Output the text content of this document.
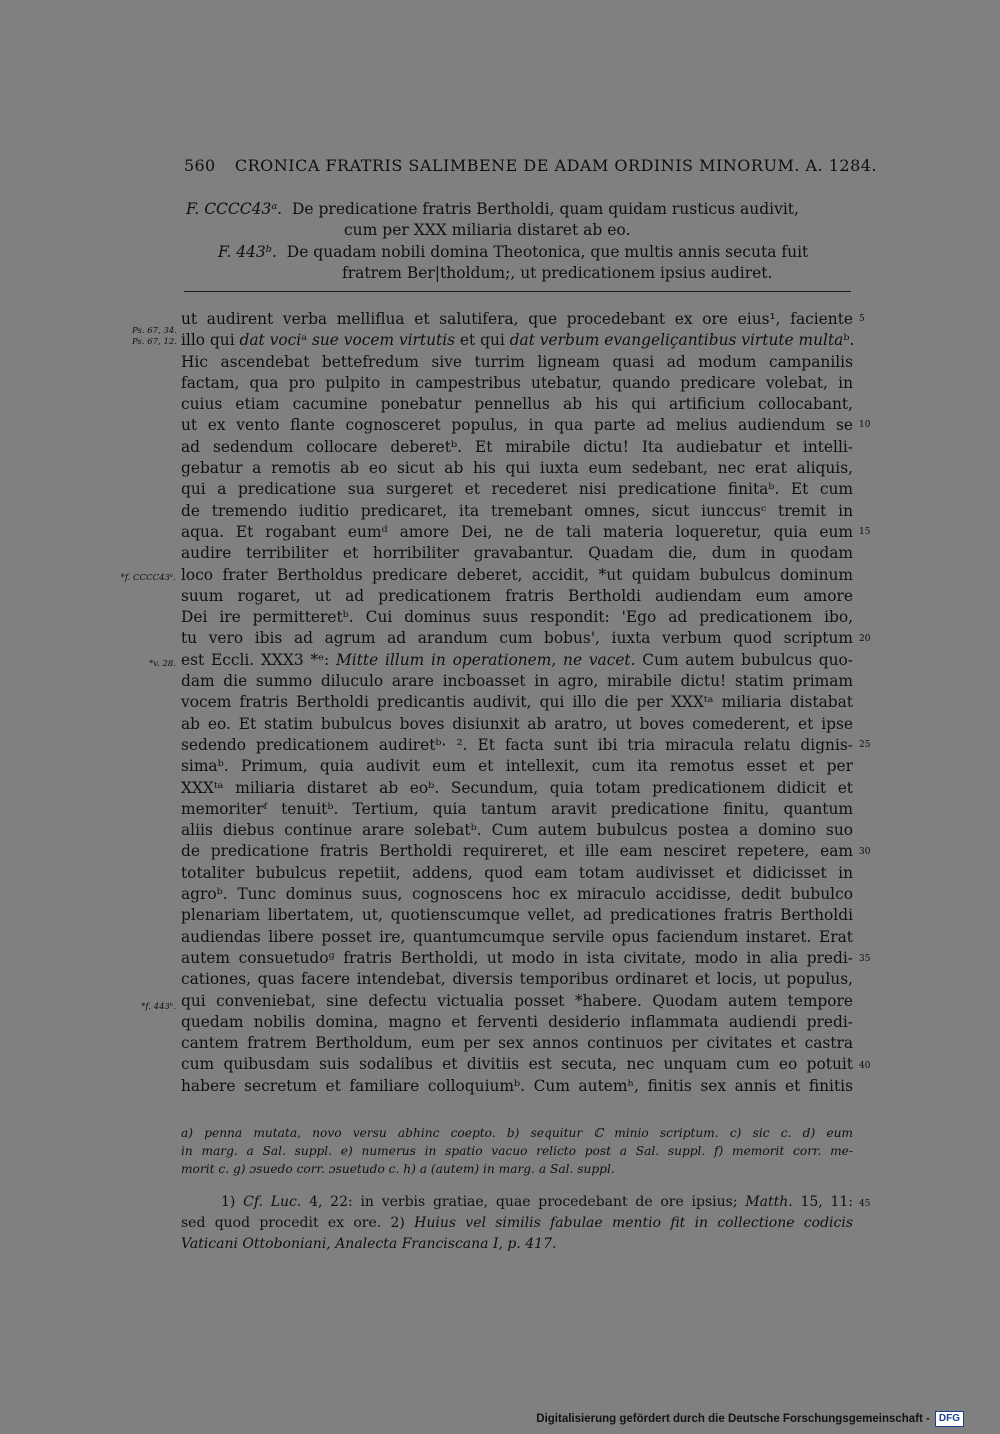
560 CRONICA FRATRIS SALIMBENE DE ADAM ORDINIS MINORUM. A. 1284.
F. CCCC43ᵃ. De predicatione fratris Bertholdi, quam quidam rusticus audivit,
cum per XXX miliaria distaret ab eo.
F. 443ᵇ. De quadam nobili domina Theotonica, que multis annis secuta fuit
fratrem Ber|tholdum;, ut predicationem ipsius audiret.
Ps. 67, 34.
Ps. 67, 12.
*f. CCCC43ᵇ.
*v. 28.
*f. 443ᵇ.
5
10
15
20
25
30
35
40
45
ut audirent verba melliflua et salutifera, que procedebant ex ore eius¹, faciente
illo qui dat vociᵃ sue vocem virtutis et qui dat verbum evangeliçantibus virtute multaᵇ.
Hic ascendebat bettefredum sive turrim ligneam quasi ad modum campanilis
factam, qua pro pulpito in campestribus utebatur, quando predicare volebat, in
cuius etiam cacumine ponebatur pennellus ab his qui artificium collocabant,
ut ex vento flante cognosceret populus, in qua parte ad melius audiendum se
ad sedendum collocare deberetᵇ. Et mirabile dictu! Ita audiebatur et intelli-
gebatur a remotis ab eo sicut ab his qui iuxta eum sedebant, nec erat aliquis,
qui a predicatione sua surgeret et recederet nisi predicatione finitaᵇ. Et cum
de tremendo iuditio predicaret, ita tremebant omnes, sicut iunccusᶜ tremit in
aqua. Et rogabant eumᵈ amore Dei, ne de tali materia loqueretur, quia eum
audire terribiliter et horribiliter gravabantur. Quadam die, dum in quodam
loco frater Bertholdus predicare deberet, accidit, *ut quidam bubulcus dominum
suum rogaret, ut ad predicationem fratris Bertholdi audiendam eum amore
Dei ire permitteretᵇ. Cui dominus suus respondit: 'Ego ad predicationem ibo,
tu vero ibis ad agrum ad arandum cum bobus', iuxta verbum quod scriptum
est Eccli. XXX3 *ᵉ: Mitte illum in operationem, ne vacet. Cum autem bubulcus quo-
dam die summo diluculo arare incboasset in agro, mirabile dictu! statim primam
vocem fratris Bertholdi predicantis audivit, qui illo die per XXXᵗᵃ miliaria distabat
ab eo. Et statim bubulcus boves disiunxit ab aratro, ut boves comederent, et ipse
sedendo predicationem audiretᵇ· ². Et facta sunt ibi tria miracula relatu dignis-
simaᵇ. Primum, quia audivit eum et intellexit, cum ita remotus esset et per
XXXᵗᵃ miliaria distaret ab eoᵇ. Secundum, quia totam predicationem didicit et
memoriterᶠ tenuitᵇ. Tertium, quia tantum aravit predicatione finitu, quantum
aliis diebus continue arare solebatᵇ. Cum autem bubulcus postea a domino suo
de predicatione fratris Bertholdi requireret, et ille eam nesciret repetere, eam
totaliter bubulcus repetiit, addens, quod eam totam audivisset et didicisset in
agroᵇ. Tunc dominus suus, cognoscens hoc ex miraculo accidisse, dedit bubulco
plenariam libertatem, ut, quotienscumque vellet, ad predicationes fratris Bertholdi
audiendas libere posset ire, quantumcumque servile opus faciendum instaret. Erat
autem consuetudoᵍ fratris Bertholdi, ut modo in ista civitate, modo in alia predi-
cationes, quas facere intendebat, diversis temporibus ordinaret et locis, ut populus,
qui conveniebat, sine defectu victualia posset *habere. Quodam autem tempore
quedam nobilis domina, magno et ferventi desiderio inflammata audiendi predi-
cantem fratrem Bertholdum, eum per sex annos continuos per civitates et castra
cum quibusdam suis sodalibus et divitiis est secuta, nec unquam cum eo potuit
habere secretum et familiare colloquiumᵇ. Cum autemʰ, finitis sex annis et finitis
a) penna mutata, novo versu abhinc coepto. b) sequitur ℂ minio scriptum. c) sic c. d) eum
in marg. a Sal. suppl. e) numerus in spatio vacuo relicto post a Sal. suppl. f) memorit corr. me-
morit c. g) ɔsuedo corr. ɔsuetudo c. h) a (autem) in marg. a Sal. suppl.
1) Cf. Luc. 4, 22: in verbis gratiae, quae procedebant de ore ipsius; Matth. 15, 11:
sed quod procedit ex ore. 2) Huius vel similis fabulae mentio fit in collectione codicis
Vaticani Ottoboniani, Analecta Franciscana I, p. 417.
Digitalisierung gefördert durch die Deutsche Forschungsgemeinschaft - DFG
